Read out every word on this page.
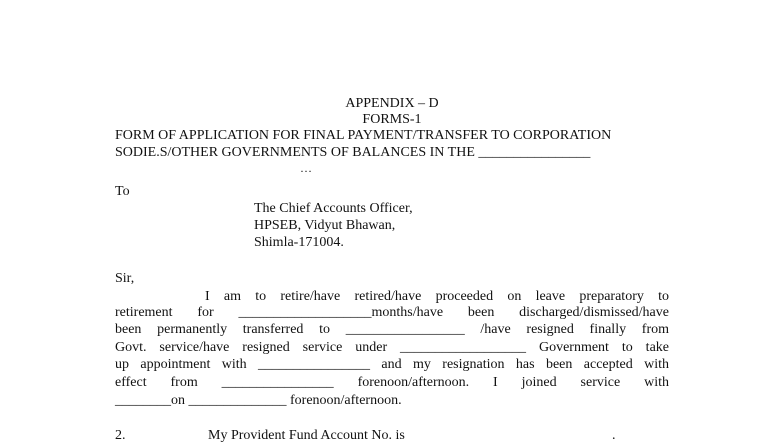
APPENDIX – D
FORMS-1
FORM OF APPLICATION FOR FINAL PAYMENT/TRANSFER TO CORPORATION
SODIE.S/OTHER GOVERNMENTS OF BALANCES IN THE ________________
…
To
The Chief Accounts Officer,
HPSEB, Vidyut Bhawan,
Shimla-171004.
Sir,
I am to retire/have retired/have proceeded on leave preparatory to
retirement for ___________________months/have been discharged/dismissed/have
been permanently transferred to _________________ /have resigned finally from
Govt. service/have resigned service under __________________ Government to take
up appointment with ________________ and my resignation has been accepted with
effect from ________________ forenoon/afternoon. I joined service with
________on ______________ forenoon/afternoon.
2.	My Provident Fund Account No. is	.
